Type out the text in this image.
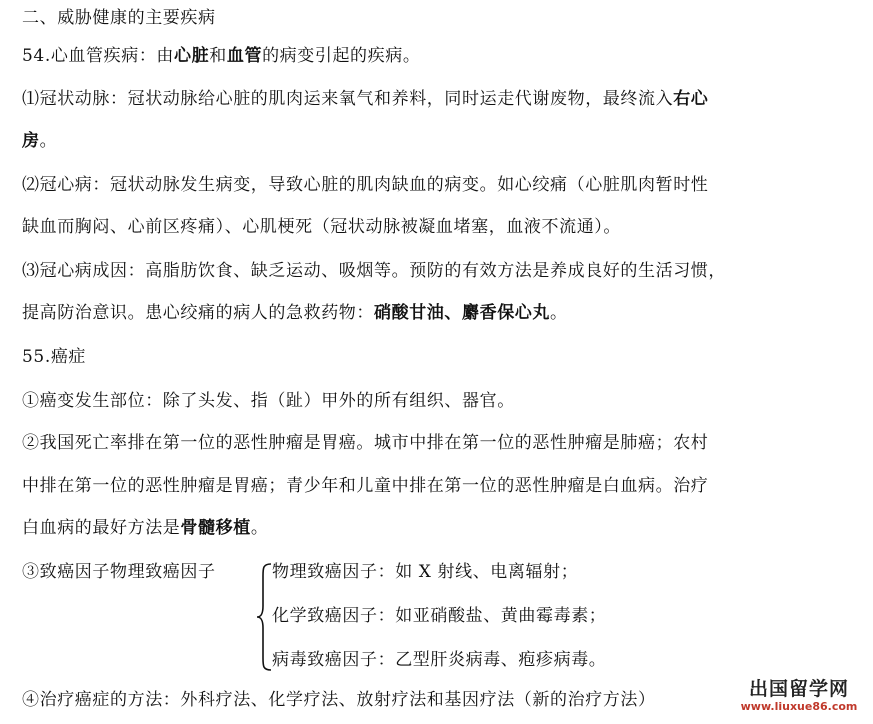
二、威胁健康的主要疾病
54.心血管疾病：由心脏和血管的病变引起的疾病。
⑴冠状动脉：冠状动脉给心脏的肌肉运来氧气和养料，同时运走代谢废物，最终流入右心
房。
⑵冠心病：冠状动脉发生病变，导致心脏的肌肉缺血的病变。如心绞痛（心脏肌肉暂时性
缺血而胸闷、心前区疼痛）、心肌梗死（冠状动脉被凝血堵塞，血液不流通）。
⑶冠心病成因：高脂肪饮食、缺乏运动、吸烟等。预防的有效方法是养成良好的生活习惯，
提高防治意识。患心绞痛的病人的急救药物：硝酸甘油、麝香保心丸。
55.癌症
①癌变发生部位：除了头发、指（趾）甲外的所有组织、器官。
②我国死亡率排在第一位的恶性肿瘤是胃癌。城市中排在第一位的恶性肿瘤是肺癌；农村
中排在第一位的恶性肿瘤是胃癌；青少年和儿童中排在第一位的恶性肿瘤是白血病。治疗
白血病的最好方法是骨髓移植。
③致癌因子物理致癌因子	物理致癌因子：如 X 射线、电离辐射；
化学致癌因子：如亚硝酸盐、黄曲霉毒素；
病毒致癌因子：乙型肝炎病毒、疱疹病毒。
④治疗癌症的方法：外科疗法、化学疗法、放射疗法和基因疗法（新的治疗方法）	出国留学网
www.liuxue86.com
